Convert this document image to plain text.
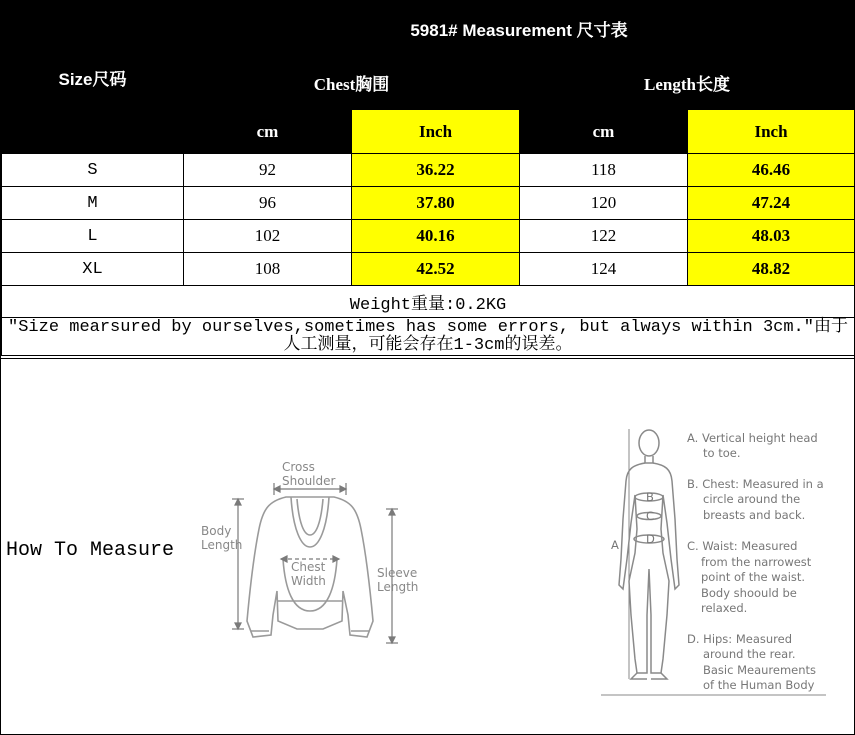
Size尺码	5981# Measurement 尺寸表			
	Chest胸围		Length长度	
	cm	Inch	cm	Inch
S	92	36.22	118	46.46
M	96	37.80	120	47.24
L	102	40.16	122	48.03
XL	108	42.52	124	48.82
Weight重量:0.2KG				
"Size mearsured by ourselves,sometimes has some errors, but always within 3cm."由于人工测量，可能会存在1-3cm的误差。				
How To Measure
Cross
Shoulder
Body
Length
Chest
Width
Sleeve
Length
B
C
D
A
A. Vertical height head
to toe.
B. Chest: Measured in a
circle around the
breasts and back.
C. Waist: Measured
from the narrowest
point of the waist.
Body shoould be
relaxed.
D. Hips: Measured
around the rear.
Basic Meaurements
of the Human Body
